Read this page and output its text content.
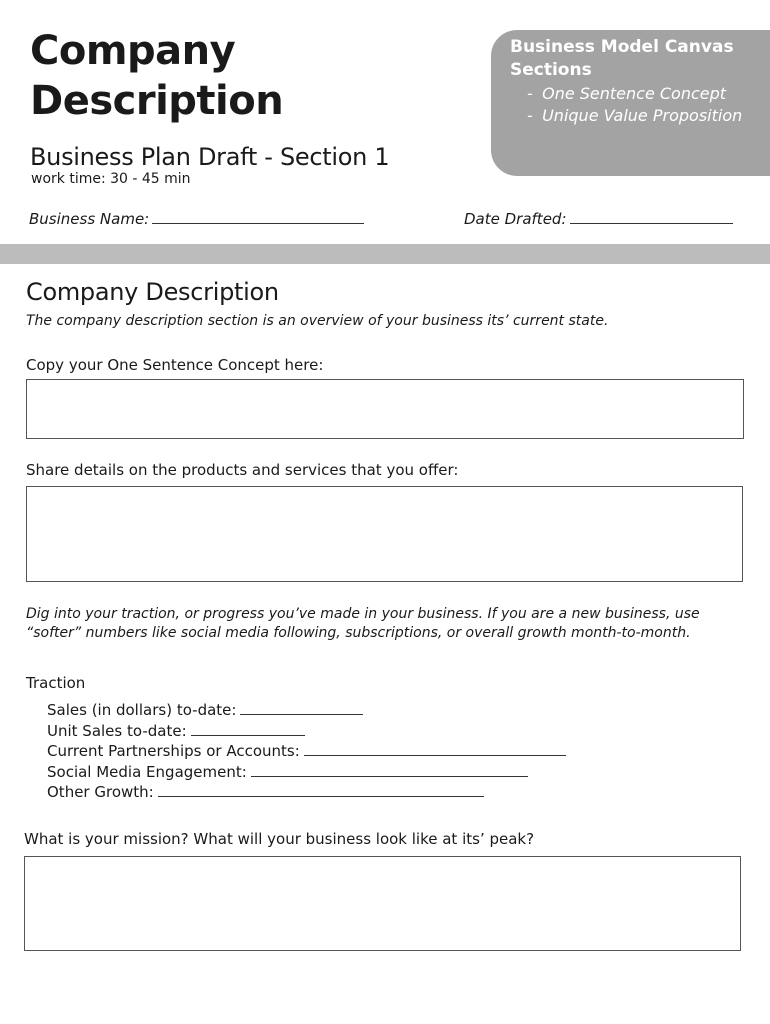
Company
Description
Business Plan Draft - Section 1
work time: 30 - 45 min
Business Model Canvas Sections
- One Sentence Concept
- Unique Value Proposition
Business Name:	Date Drafted:
Company Description
The company description section is an overview of your business its’ current state.
Copy your One Sentence Concept here:
Share details on the products and services that you offer:
Dig into your traction, or progress you’ve made in your business. If you are a new business, use “softer” numbers like social media following, subscriptions, or overall growth month-to-month.
Traction
Sales (in dollars) to-date:
Unit Sales to-date:
Current Partnerships or Accounts:
Social Media Engagement:
Other Growth:
What is your mission? What will your business look like at its’ peak?
